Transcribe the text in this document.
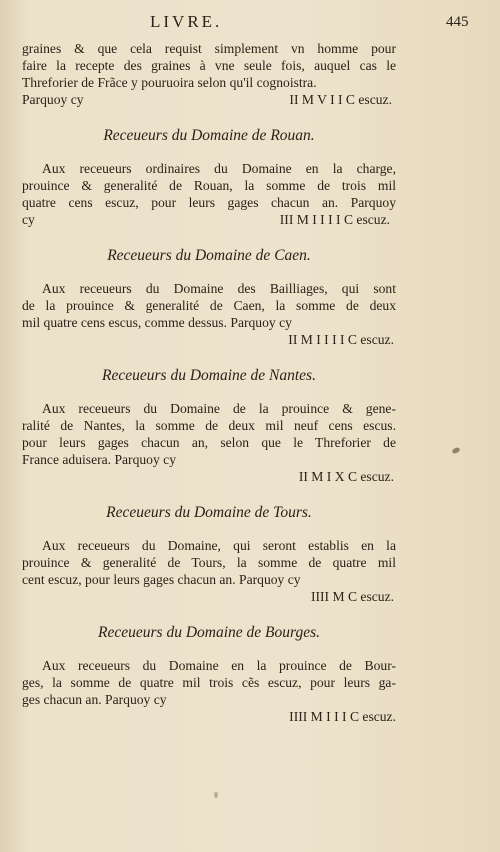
LIVRE.	445
graines & que cela requist simplement vn homme pour
faire la recepte des graines à vne seule fois, auquel cas le
Threforier de Frãce y pouruoira selon qu'il cognoistra.
Parquoy cy	II M V I I C escuz.
Receueurs du Domaine de Rouan.
Aux receueurs ordinaires du Domaine en la charge,
prouince & generalité de Rouan, la somme de trois mil
quatre cens escuz, pour leurs gages chacun an. Parquoy
cy	III M I I I I C escuz.
Receueurs du Domaine de Caen.
Aux receueurs du Domaine des Bailliages, qui sont
de la prouince & generalité de Caen, la somme de deux
mil quatre cens escus, comme dessus. Parquoy cy
II M I I I I C escuz.
Receueurs du Domaine de Nantes.
Aux receueurs du Domaine de la prouince & gene-
ralité de Nantes, la somme de deux mil neuf cens escus.
pour leurs gages chacun an, selon que le Threforier de
France aduisera. Parquoy cy
II M I X C escuz.
Receueurs du Domaine de Tours.
Aux receueurs du Domaine, qui seront establis en la
prouince & generalité de Tours, la somme de quatre mil
cent escuz, pour leurs gages chacun an. Parquoy cy
IIII M C escuz.
Receueurs du Domaine de Bourges.
Aux receueurs du Domaine en la prouince de Bour-
ges, la somme de quatre mil trois cẽs escuz, pour leurs ga-
ges chacun an. Parquoy cy
IIII M I I I C escuz.
